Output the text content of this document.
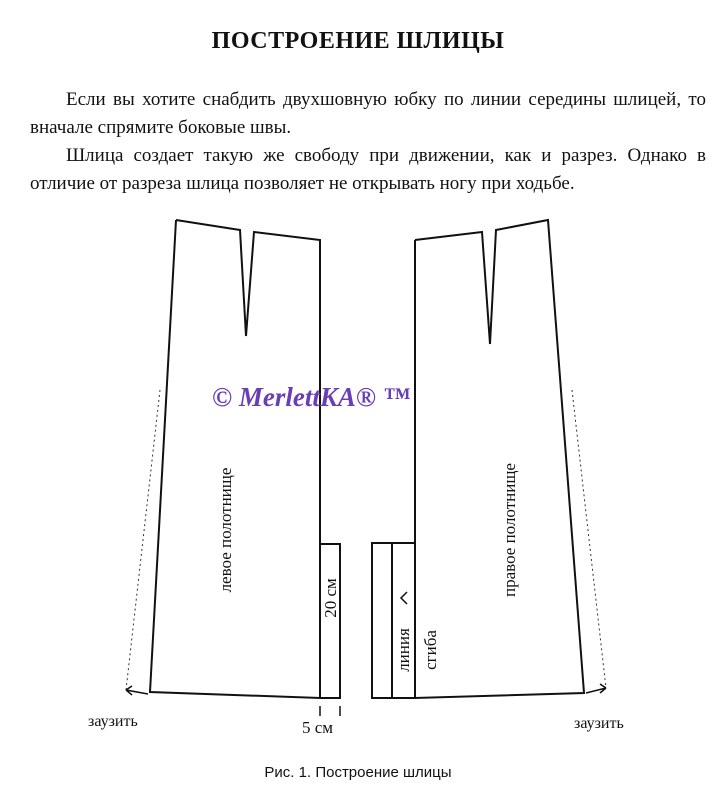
ПОСТРОЕНИЕ ШЛИЦЫ

Если вы хотите снабдить двухшовную юбку по линии середины шлицей, то вначале спрямите боковые швы.

Шлица создает такую же свободу при движении, как и разрез. Однако в отличие от разреза шлица позволяет не открывать ногу при ходьбе.

© MerlettKA® ™
левое полотнище	правое полотнище
20 см
линия сгиба
заузить	заузить
5 см
Рис. 1. Построение шлицы
